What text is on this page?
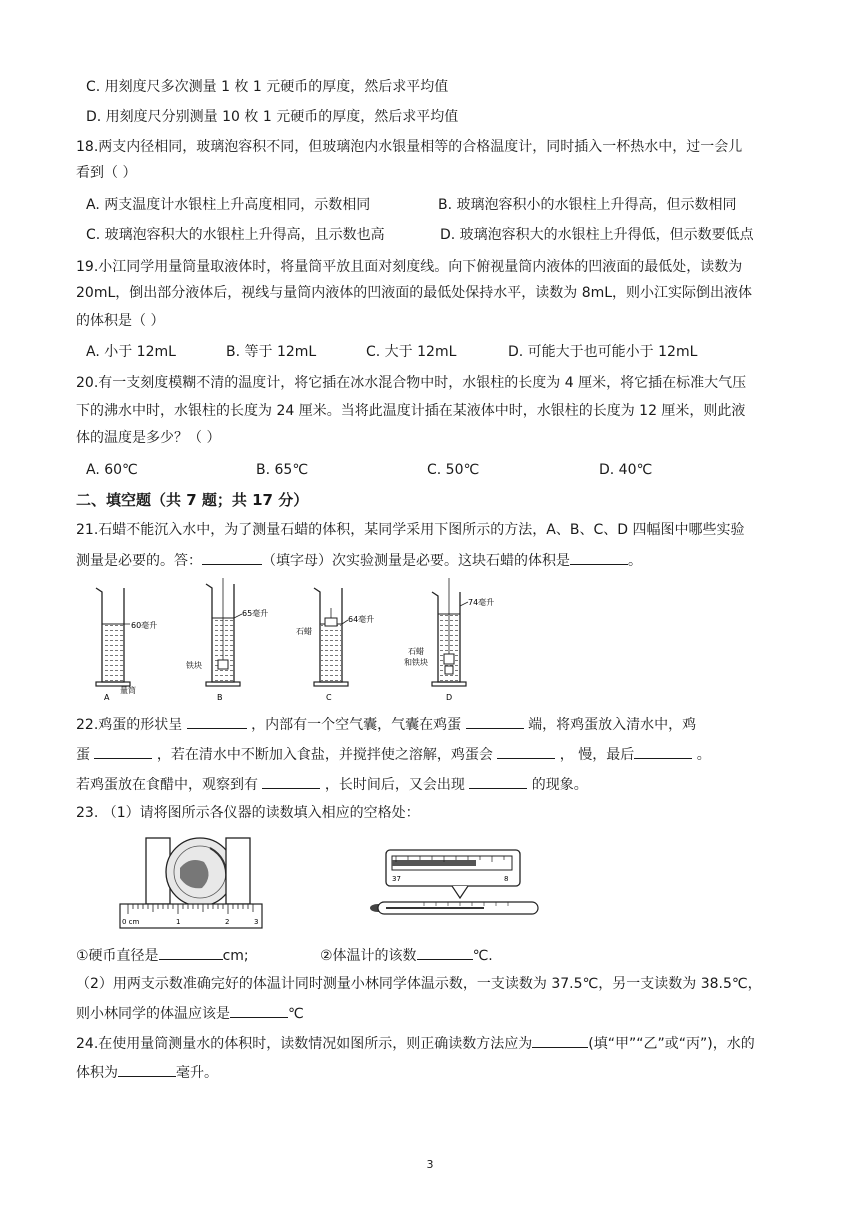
C. 用刻度尺多次测量 1 枚 1 元硬币的厚度，然后求平均值
D. 用刻度尺分别测量 10 枚 1 元硬币的厚度，然后求平均值
18.两支内径相同，玻璃泡容积不同，但玻璃泡内水银量相等的合格温度计，同时插入一杯热水中，过一会儿
看到（ ）
A. 两支温度计水银柱上升高度相同，示数相同	B. 玻璃泡容积小的水银柱上升得高，但示数相同
C. 玻璃泡容积大的水银柱上升得高，且示数也高	D. 玻璃泡容积大的水银柱上升得低，但示数要低点
19.小江同学用量筒量取液体时，将量筒平放且面对刻度线。向下俯视量筒内液体的凹液面的最低处，读数为
20mL，倒出部分液体后，视线与量筒内液体的凹液面的最低处保持水平，读数为 8mL，则小江实际倒出液体
的体积是（ ）
A. 小于 12mL	B. 等于 12mL	C. 大于 12mL	D. 可能大于也可能小于 12mL
20.有一支刻度模糊不清的温度计，将它插在冰水混合物中时，水银柱的长度为 4 厘米，将它插在标准大气压
下的沸水中时，水银柱的长度为 24 厘米。当将此温度计插在某液体中时，水银柱的长度为 12 厘米，则此液
体的温度是多少？（ ）
A. 60℃	B. 65℃	C. 50℃	D. 40℃
二、填空题（共 7 题；共 17 分）
21.石蜡不能沉入水中，为了测量石蜡的体积，某同学采用下图所示的方法，A、B、C、D 四幅图中哪些实验
测量是必要的。答：	（填字母）次实验测量是必要。这块石蜡的体积是	。
60毫升
量筒
A
65毫升
铁块
B
64毫升
石蜡
C
74毫升
石蜡
和铁块
D
22.鸡蛋的形状呈	，内部有一个空气囊，气囊在鸡蛋	端，将鸡蛋放入清水中，鸡
蛋	，若在清水中不断加入食盐，并搅拌使之溶解，鸡蛋会	， 慢，最后	。
若鸡蛋放在食醋中，观察到有	，长时间后，又会出现	的现象。
23. （1）请将图所示各仪器的读数填入相应的空格处：
0 cm	1	2	3
37	8
①硬币直径是	cm;	②体温计的该数	℃.
（2）用两支示数准确完好的体温计同时测量小林同学体温示数，一支读数为 37.5℃，另一支读数为 38.5℃，
则小林同学的体温应该是	℃
24.在使用量筒测量水的体积时，读数情况如图所示，则正确读数方法应为	(填“甲”“乙”或“丙”)，水的
体积为	毫升。
3
